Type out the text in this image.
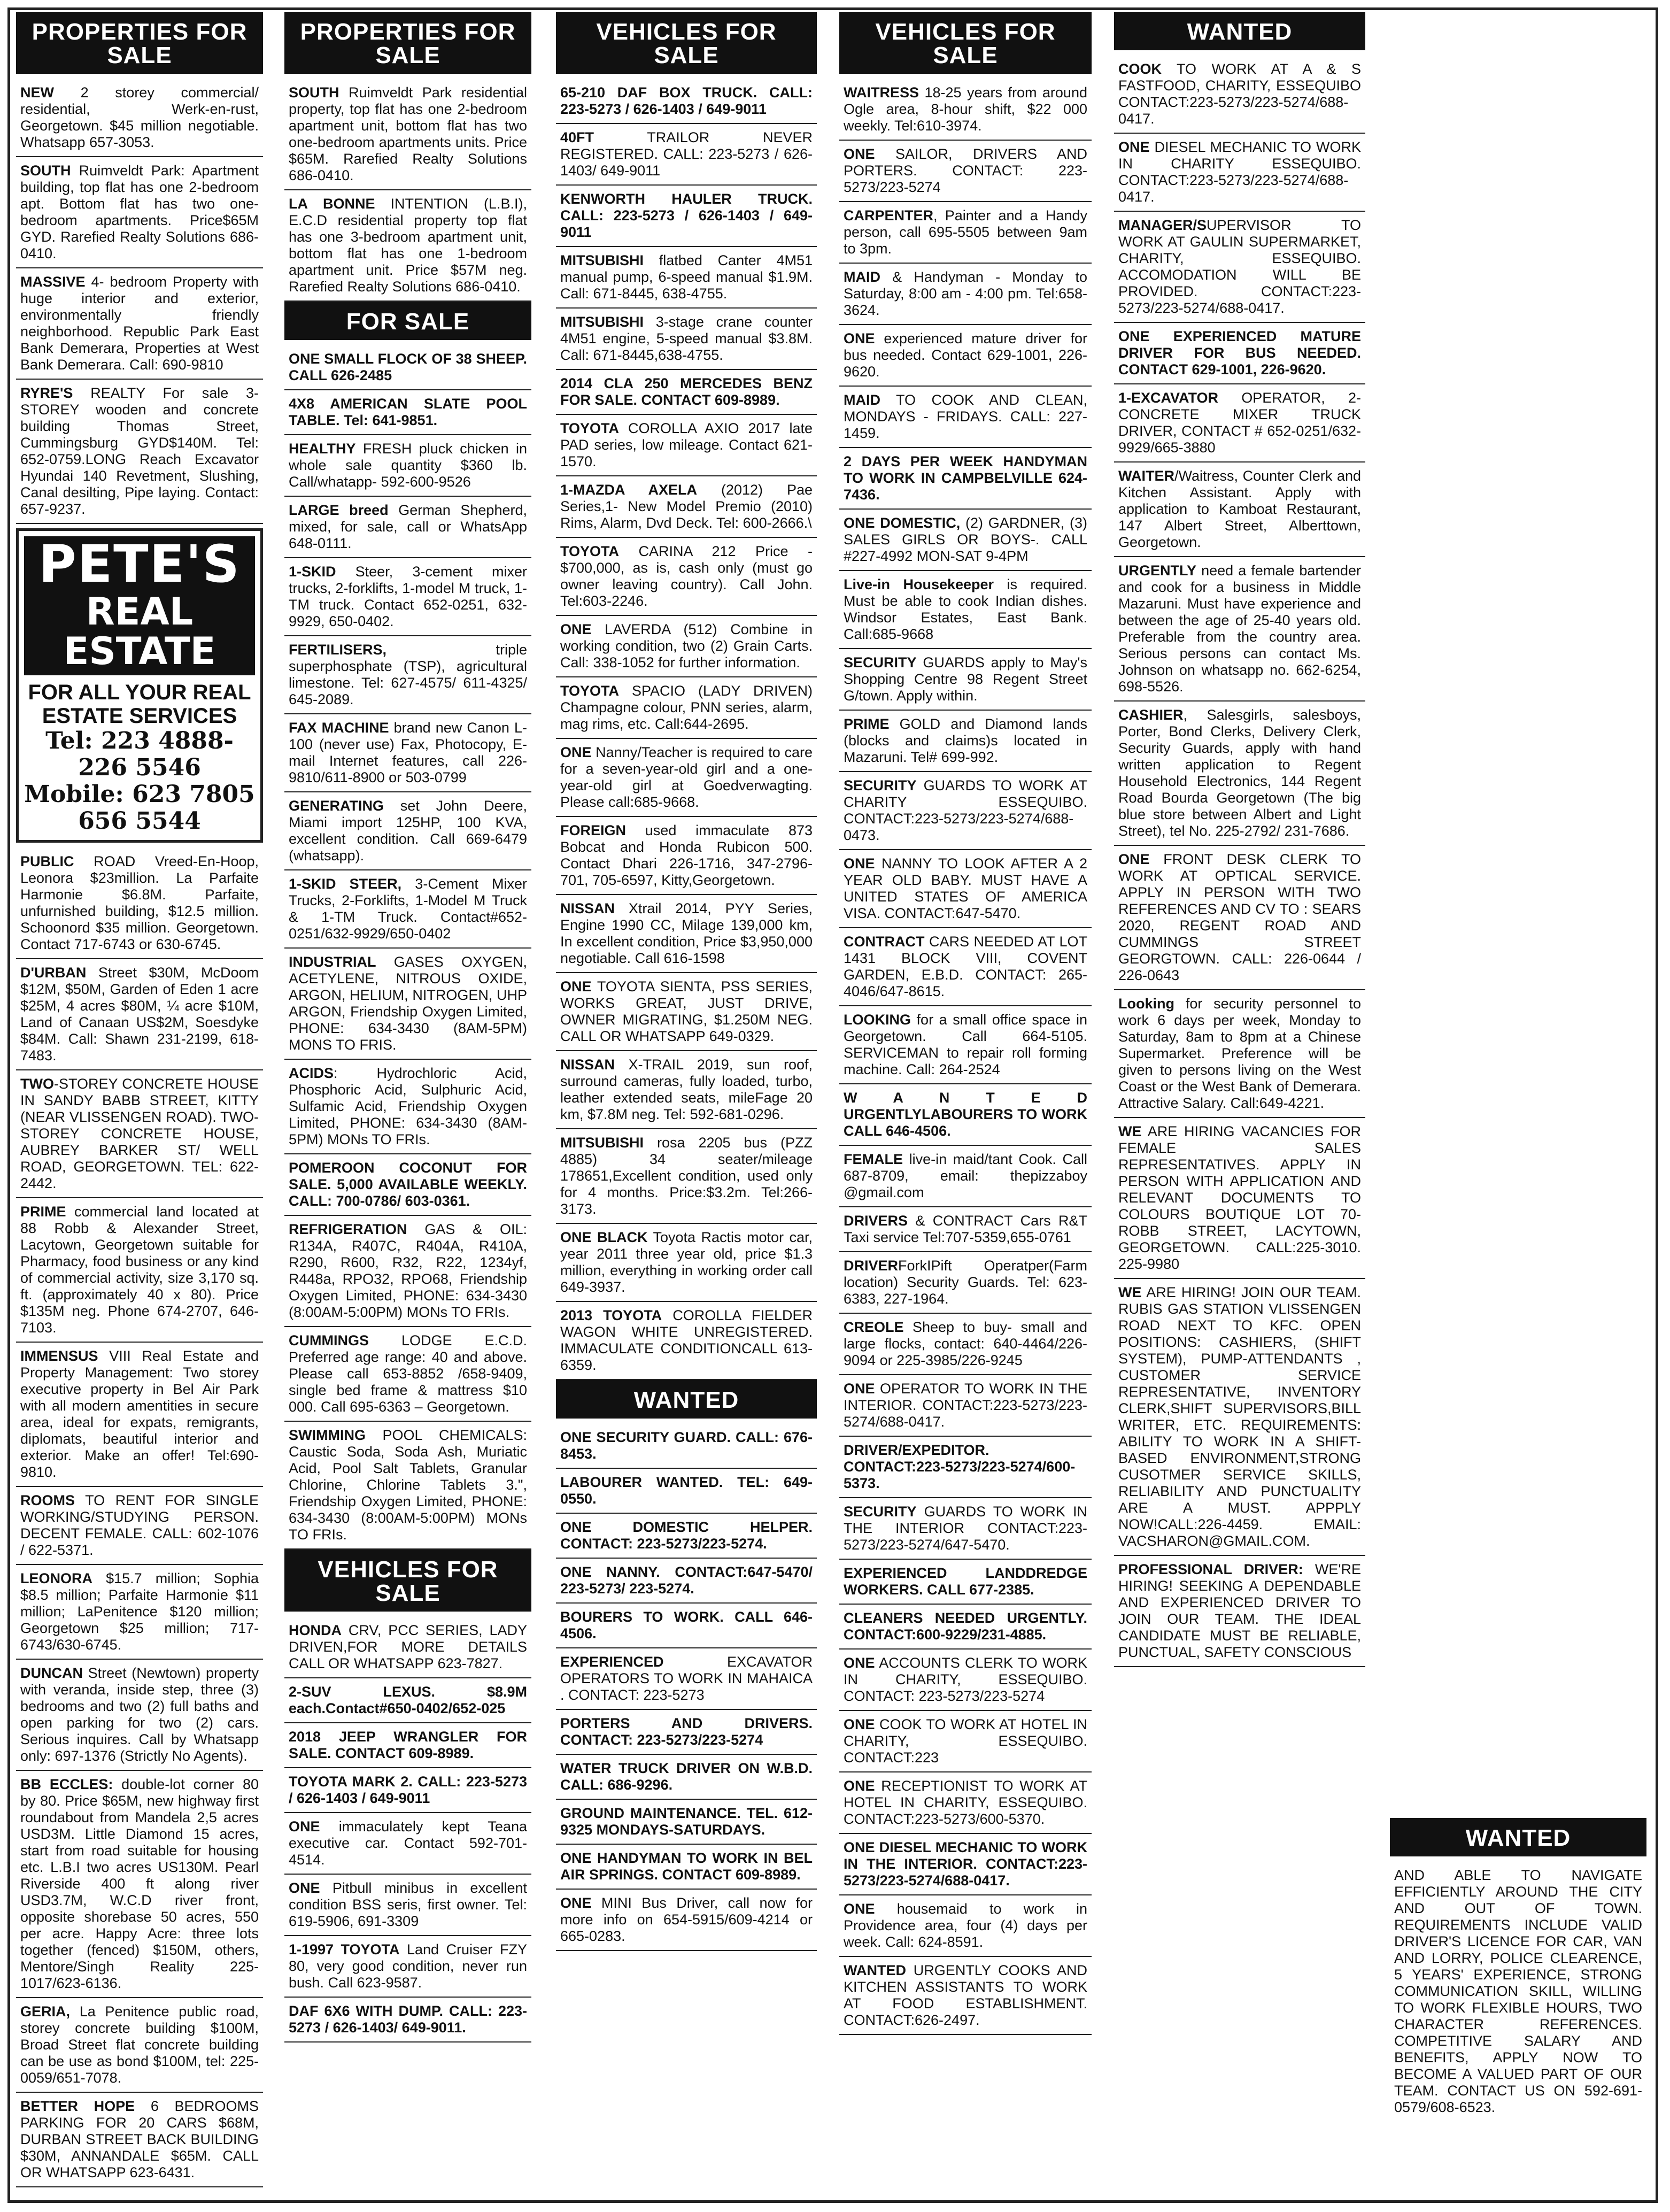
PROPERTIES FOR SALE
NEW 2 storey commercial/ residential, Werk-en-rust, Georgetown. $45 million negotiable. Whatsapp 657-3053.
SOUTH Ruimveldt Park: Apartment building, top flat has one 2-bedroom apt. Bottom flat has two one-bedroom apartments. Price$65M GYD. Rarefied Realty Solutions 686-0410.
MASSIVE 4- bedroom Property with huge interior and exterior, environmentally friendly neighborhood. Republic Park East Bank Demerara, Properties at West Bank Demerara. Call: 690-9810
RYRE'S REALTY For sale 3-STOREY wooden and concrete building Thomas Street, Cummingsburg GYD$140M. Tel: 652-0759.LONG Reach Excavator Hyundai 140 Revetment, Slushing, Canal desilting, Pipe laying. Contact: 657-9237.
PETE'S
REAL ESTATE
FOR ALL YOUR REAL ESTATE SERVICES
Tel: 223 4888-
226 5546
Mobile: 623 7805
656 5544
PUBLIC ROAD Vreed-En-Hoop, Leonora $23million. La Parfaite Harmonie $6.8M. Parfaite, unfurnished building, $12.5 million. Schoonord $35 million. Georgetown. Contact 717-6743 or 630-6745.
D'URBAN Street $30M, McDoom $12M, $50M, Garden of Eden 1 acre $25M, 4 acres $80M, ¼ acre $10M, Land of Canaan US$2M, Soesdyke $84M. Call: Shawn 231-2199, 618-7483.
TWO-STOREY CONCRETE HOUSE IN SANDY BABB STREET, KITTY (NEAR VLISSENGEN ROAD). TWO-STOREY CONCRETE HOUSE, AUBREY BARKER ST/ WELL ROAD, GEORGETOWN. TEL: 622-2442.
PRIME commercial land located at 88 Robb & Alexander Street, Lacytown, Georgetown suitable for Pharmacy, food business or any kind of commercial activity, size 3,170 sq. ft. (approximately 40 x 80). Price $135M neg. Phone 674-2707, 646-7103.
IMMENSUS VIII Real Estate and Property Management: Two storey executive property in Bel Air Park with all modern amentities in secure area, ideal for expats, remigrants, diplomats, beautiful interior and exterior. Make an offer! Tel:690-9810.
ROOMS TO RENT FOR SINGLE WORKING/STUDYING PERSON. DECENT FEMALE. CALL: 602-1076 / 622-5371.
LEONORA $15.7 million; Sophia $8.5 million; Parfaite Harmonie $11 million; LaPenitence $120 million; Georgetown $25 million; 717-6743/630-6745.
DUNCAN Street (Newtown) property with veranda, inside step, three (3) bedrooms and two (2) full baths and open parking for two (2) cars. Serious inquires. Call by Whatsapp only: 697-1376 (Strictly No Agents).
BB ECCLES: double-lot corner 80 by 80. Price $65M, new highway first roundabout from Mandela 2,5 acres USD3M. Little Diamond 15 acres, start from road suitable for housing etc. L.B.I two acres US130M. Pearl Riverside 400 ft along river USD3.7M, W.C.D river front, opposite shorebase 50 acres, 550 per acre. Happy Acre: three lots together (fenced) $150M, others, Mentore/Singh Reality 225-1017/623-6136.
GERIA, La Penitence public road, storey concrete building $100M, Broad Street flat concrete building can be use as bond $100M, tel: 225-0059/651-7078.
BETTER HOPE 6 BEDROOMS PARKING FOR 20 CARS $68M, DURBAN STREET BACK BUILDING $30M, ANNANDALE $65M. CALL OR WHATSAPP 623-6431.
PROPERTIES FOR SALE
SOUTH Ruimveldt Park residential property, top flat has one 2-bedroom apartment unit, bottom flat has two one-bedroom apartments units. Price $65M. Rarefied Realty Solutions 686-0410.
LA BONNE INTENTION (L.B.I), E.C.D residential property top flat has one 3-bedroom apartment unit, bottom flat has one 1-bedroom apartment unit. Price $57M neg. Rarefied Realty Solutions 686-0410.
FOR SALE
ONE SMALL FLOCK OF 38 SHEEP. CALL 626-2485
4X8 AMERICAN SLATE POOL TABLE. Tel: 641-9851.
HEALTHY FRESH pluck chicken in whole sale quantity $360 lb. Call/whatapp- 592-600-9526
LARGE breed German Shepherd, mixed, for sale, call or WhatsApp 648-0111.
1-SKID Steer, 3-cement mixer trucks, 2-forklifts, 1-model M truck, 1-TM truck. Contact 652-0251, 632-9929, 650-0402.
FERTILISERS, triple superphosphate (TSP), agricultural limestone. Tel: 627-4575/ 611-4325/ 645-2089.
FAX MACHINE brand new Canon L-100 (never use) Fax, Photocopy, E-mail Internet features, call 226-9810/611-8900 or 503-0799
GENERATING set John Deere, Miami import 125HP, 100 KVA, excellent condition. Call 669-6479 (whatsapp).
1-SKID STEER, 3-Cement Mixer Trucks, 2-Forklifts, 1-Model M Truck & 1-TM Truck. Contact#652-0251/632-9929/650-0402
INDUSTRIAL GASES OXYGEN, ACETYLENE, NITROUS OXIDE, ARGON, HELIUM, NITROGEN, UHP ARGON, Friendship Oxygen Limited, PHONE: 634-3430 (8AM-5PM) MONS TO FRIS.
ACIDS: Hydrochloric Acid, Phosphoric Acid, Sulphuric Acid, Sulfamic Acid, Friendship Oxygen Limited, PHONE: 634-3430 (8AM-5PM) MONs TO FRIs.
POMEROON COCONUT FOR SALE. 5,000 AVAILABLE WEEKLY. CALL: 700-0786/ 603-0361.
REFRIGERATION GAS & OIL: R134A, R407C, R404A, R410A, R290, R600, R32, R22, 1234yf, R448a, RPO32, RPO68, Friendship Oxygen Limited, PHONE: 634-3430 (8:00AM-5:00PM) MONs TO FRIs.
CUMMINGS LODGE E.C.D. Preferred age range: 40 and above. Please call 653-8852 /658-9409, single bed frame & mattress $10 000. Call 695-6363 – Georgetown.
SWIMMING POOL CHEMICALS: Caustic Soda, Soda Ash, Muriatic Acid, Pool Salt Tablets, Granular Chlorine, Chlorine Tablets 3.", Friendship Oxygen Limited, PHONE: 634-3430 (8:00AM-5:00PM) MONs TO FRIs.
VEHICLES FOR SALE
HONDA CRV, PCC SERIES, LADY DRIVEN,FOR MORE DETAILS CALL OR WHATSAPP 623-7827.
2-SUV LEXUS. $8.9M each.Contact#650-0402/652-025
2018 JEEP WRANGLER FOR SALE. CONTACT 609-8989.
TOYOTA MARK 2. CALL: 223-5273 / 626-1403 / 649-9011
ONE immaculately kept Teana executive car. Contact 592-701-4514.
ONE Pitbull minibus in excellent condition BSS seris, first owner. Tel: 619-5906, 691-3309
1-1997 TOYOTA Land Cruiser FZY 80, very good condition, never run bush. Call 623-9587.
DAF 6X6 WITH DUMP. CALL: 223-5273 / 626-1403/ 649-9011.
VEHICLES FOR SALE
65-210 DAF BOX TRUCK. CALL: 223-5273 / 626-1403 / 649-9011
40FT TRAILOR NEVER REGISTERED. CALL: 223-5273 / 626-1403/ 649-9011
KENWORTH HAULER TRUCK. CALL: 223-5273 / 626-1403 / 649-9011
MITSUBISHI flatbed Canter 4M51 manual pump, 6-speed manual $1.9M. Call: 671-8445, 638-4755.
MITSUBISHI 3-stage crane counter 4M51 engine, 5-speed manual $3.8M. Call: 671-8445,638-4755.
2014 CLA 250 MERCEDES BENZ FOR SALE. CONTACT 609-8989.
TOYOTA COROLLA AXIO 2017 late PAD series, low mileage. Contact 621-1570.
1-MAZDA AXELA (2012) Pae Series,1- New Model Premio (2010) Rims, Alarm, Dvd Deck. Tel: 600-2666.\
TOYOTA CARINA 212 Price - $700,000, as is, cash only (must go owner leaving country). Call John. Tel:603-2246.
ONE LAVERDA (512) Combine in working condition, two (2) Grain Carts. Call: 338-1052 for further information.
TOYOTA SPACIO (LADY DRIVEN) Champagne colour, PNN series, alarm, mag rims, etc. Call:644-2695.
ONE Nanny/Teacher is required to care for a seven-year-old girl and a one-year-old girl at Goedverwagting. Please call:685-9668.
FOREIGN used immaculate 873 Bobcat and Honda Rubicon 500. Contact Dhari 226-1716, 347-2796-701, 705-6597, Kitty,Georgetown.
NISSAN Xtrail 2014, PYY Series, Engine 1990 CC, Milage 139,000 km, In excellent condition, Price $3,950,000 negotiable. Call 616-1598
ONE TOYOTA SIENTA, PSS SERIES, WORKS GREAT, JUST DRIVE, OWNER MIGRATING, $1.250M NEG. CALL OR WHATSAPP 649-0329.
NISSAN X-TRAIL 2019, sun roof, surround cameras, fully loaded, turbo, leather extended seats, mileFage 20 km, $7.8M neg. Tel: 592-681-0296.
MITSUBISHI rosa 2205 bus (PZZ 4885) 34 seater/mileage 178651,Excellent condition, used only for 4 months. Price:$3.2m. Tel:266-3173.
ONE BLACK Toyota Ractis motor car, year 2011 three year old, price $1.3 million, everything in working order call 649-3937.
2013 TOYOTA COROLLA FIELDER WAGON WHITE UNREGISTERED. IMMACULATE CONDITIONCALL 613-6359.
WANTED
ONE SECURITY GUARD. CALL: 676-8453.
LABOURER WANTED. TEL: 649-0550.
ONE DOMESTIC HELPER. CONTACT: 223-5273/223-5274.
ONE NANNY. CONTACT:647-5470/ 223-5273/ 223-5274.
BOURERS TO WORK. CALL 646-4506.
EXPERIENCED EXCAVATOR OPERATORS TO WORK IN MAHAICA . CONTACT: 223-5273
PORTERS AND DRIVERS. CONTACT: 223-5273/223-5274
WATER TRUCK DRIVER ON W.B.D. CALL: 686-9296.
GROUND MAINTENANCE. TEL. 612-9325 MONDAYS-SATURDAYS.
ONE HANDYMAN TO WORK IN BEL AIR SPRINGS. CONTACT 609-8989.
ONE MINI Bus Driver, call now for more info on 654-5915/609-4214 or 665-0283.
VEHICLES FOR SALE
WAITRESS 18-25 years from around Ogle area, 8-hour shift, $22 000 weekly. Tel:610-3974.
ONE SAILOR, DRIVERS AND PORTERS. CONTACT: 223-5273/223-5274
CARPENTER, Painter and a Handy person, call 695-5505 between 9am to 3pm.
MAID & Handyman - Monday to Saturday, 8:00 am - 4:00 pm. Tel:658-3624.
ONE experienced mature driver for bus needed. Contact 629-1001, 226-9620.
MAID TO COOK AND CLEAN, MONDAYS - FRIDAYS. CALL: 227-1459.
2 DAYS PER WEEK HANDYMAN TO WORK IN CAMPBELVILLE 624-7436.
ONE DOMESTIC, (2) GARDNER, (3) SALES GIRLS OR BOYS-. CALL #227-4992 MON-SAT 9-4PM
Live-in Housekeeper is required. Must be able to cook Indian dishes. Windsor Estates, East Bank. Call:685-9668
SECURITY GUARDS apply to May's Shopping Centre 98 Regent Street G/town. Apply within.
PRIME GOLD and Diamond lands (blocks and claims)s located in Mazaruni. Tel# 699-992.
SECURITY GUARDS TO WORK AT CHARITY ESSEQUIBO. CONTACT:223-5273/223-5274/688-0473.
ONE NANNY TO LOOK AFTER A 2 YEAR OLD BABY. MUST HAVE A UNITED STATES OF AMERICA VISA. CONTACT:647-5470.
CONTRACT CARS NEEDED AT LOT 1431 BLOCK VIII, COVENT GARDEN, E.B.D. CONTACT: 265-4046/647-8615.
LOOKING for a small office space in Georgetown. Call 664-5105. SERVICEMAN to repair roll forming machine. Call: 264-2524
W A N T E D URGENTLYLABOURERS TO WORK CALL 646-4506.
FEMALE live-in maid/tant Cook. Call 687-8709, email: thepizzaboy @gmail.com
DRIVERS & CONTRACT Cars R&T Taxi service Tel:707-5359,655-0761
DRIVERForkIPift Operatper(Farm location) Security Guards. Tel: 623-6383, 227-1964.
CREOLE Sheep to buy- small and large flocks, contact: 640-4464/226-9094 or 225-3985/226-9245
ONE OPERATOR TO WORK IN THE INTERIOR. CONTACT:223-5273/223-5274/688-0417.
DRIVER/EXPEDITOR. CONTACT:223-5273/223-5274/600-5373.
SECURITY GUARDS TO WORK IN THE INTERIOR CONTACT:223-5273/223-5274/647-5470.
EXPERIENCED LANDDREDGE WORKERS. CALL 677-2385.
CLEANERS NEEDED URGENTLY. CONTACT:600-9229/231-4885.
ONE ACCOUNTS CLERK TO WORK IN CHARITY, ESSEQUIBO. CONTACT: 223-5273/223-5274
ONE COOK TO WORK AT HOTEL IN CHARITY, ESSEQUIBO. CONTACT:223
ONE RECEPTIONIST TO WORK AT HOTEL IN CHARITY, ESSEQUIBO. CONTACT:223-5273/600-5370.
ONE DIESEL MECHANIC TO WORK IN THE INTERIOR. CONTACT:223-5273/223-5274/688-0417.
ONE housemaid to work in Providence area, four (4) days per week. Call: 624-8591.
WANTED URGENTLY COOKS AND KITCHEN ASSISTANTS TO WORK AT FOOD ESTABLISHMENT. CONTACT:626-2497.
WANTED
COOK TO WORK AT A & S FASTFOOD, CHARITY, ESSEQUIBO CONTACT:223-5273/223-5274/688-0417.
ONE DIESEL MECHANIC TO WORK IN CHARITY ESSEQUIBO. CONTACT:223-5273/223-5274/688-0417.
MANAGER/SUPERVISOR TO WORK AT GAULIN SUPERMARKET, CHARITY, ESSEQUIBO. ACCOMODATION WILL BE PROVIDED. CONTACT:223-5273/223-5274/688-0417.
ONE EXPERIENCED MATURE DRIVER FOR BUS NEEDED. CONTACT 629-1001, 226-9620.
1-EXCAVATOR OPERATOR, 2- CONCRETE MIXER TRUCK DRIVER, CONTACT # 652-0251/632-9929/665-3880
WAITER/Waitress, Counter Clerk and Kitchen Assistant. Apply with application to Kamboat Restaurant, 147 Albert Street, Alberttown, Georgetown.
URGENTLY need a female bartender and cook for a business in Middle Mazaruni. Must have experience and between the age of 25-40 years old. Preferable from the country area. Serious persons can contact Ms. Johnson on whatsapp no. 662-6254, 698-5526.
CASHIER, Salesgirls, salesboys, Porter, Bond Clerks, Delivery Clerk, Security Guards, apply with hand written application to Regent Household Electronics, 144 Regent Road Bourda Georgetown (The big blue store between Albert and Light Street), tel No. 225-2792/ 231-7686.
ONE FRONT DESK CLERK TO WORK AT OPTICAL SERVICE. APPLY IN PERSON WITH TWO REFERENCES AND CV TO : SEARS 2020, REGENT ROAD AND CUMMINGS STREET GEORGTOWN. CALL: 226-0644 / 226-0643
Looking for security personnel to work 6 days per week, Monday to Saturday, 8am to 8pm at a Chinese Supermarket. Preference will be given to persons living on the West Coast or the West Bank of Demerara. Attractive Salary. Call:649-4221.
WE ARE HIRING VACANCIES FOR FEMALE SALES REPRESENTATIVES. APPLY IN PERSON WITH APPLICATION AND RELEVANT DOCUMENTS TO COLOURS BOUTIQUE LOT 70-ROBB STREET, LACYTOWN, GEORGETOWN. CALL:225-3010. 225-9980
WE ARE HIRING! JOIN OUR TEAM. RUBIS GAS STATION VLISSENGEN ROAD NEXT TO KFC. OPEN POSITIONS: CASHIERS, (SHIFT SYSTEM), PUMP-ATTENDANTS , CUSTOMER SERVICE REPRESENTATIVE, INVENTORY CLERK,SHIFT SUPERVISORS,BILL WRITER, ETC. REQUIREMENTS: ABILITY TO WORK IN A SHIFT-BASED ENVIRONMENT,STRONG CUSOTMER SERVICE SKILLS, RELIABILITY AND PUNCTUALITY ARE A MUST. APPPLY NOW!CALL:226-4459. EMAIL: VACSHARON@GMAIL.COM.
PROFESSIONAL DRIVER: WE'RE HIRING! SEEKING A DEPENDABLE AND EXPERIENCED DRIVER TO JOIN OUR TEAM. THE IDEAL CANDIDATE MUST BE RELIABLE, PUNCTUAL, SAFETY CONSCIOUS
WANTED
AND ABLE TO NAVIGATE EFFICIENTLY AROUND THE CITY AND OUT OF TOWN. REQUIREMENTS INCLUDE VALID DRIVER'S LICENCE FOR CAR, VAN AND LORRY, POLICE CLEARENCE, 5 YEARS' EXPERIENCE, STRONG COMMUNICATION SKILL, WILLING TO WORK FLEXIBLE HOURS, TWO CHARACTER REFERENCES. COMPETITIVE SALARY AND BENEFITS, APPLY NOW TO BECOME A VALUED PART OF OUR TEAM. CONTACT US ON 592-691-0579/608-6523.
